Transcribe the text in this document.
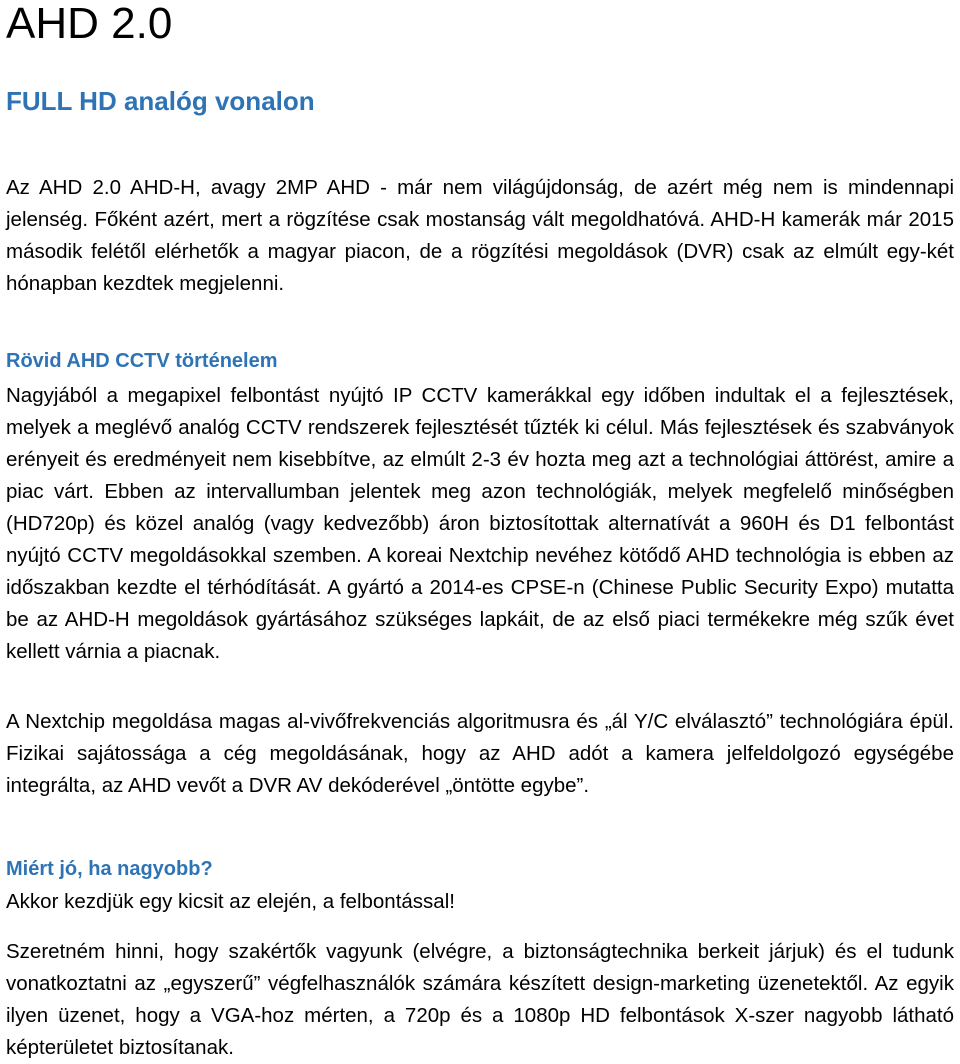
AHD 2.0
FULL HD analóg vonalon

Az AHD 2.0 AHD-H, avagy 2MP AHD - már nem világújdonság, de azért még nem is mindennapi jelenség. Főként azért, mert a rögzítése csak mostanság vált megoldhatóvá. AHD-H kamerák már 2015 második felétől elérhetők a magyar piacon, de a rögzítési megoldások (DVR) csak az elmúlt egy-két hónapban kezdtek megjelenni.

Rövid AHD CCTV történelem

Nagyjából a megapixel felbontást nyújtó IP CCTV kamerákkal egy időben indultak el a fejlesztések, melyek a meglévő analóg CCTV rendszerek fejlesztését tűzték ki célul. Más fejlesztések és szabványok erényeit és eredményeit nem kisebbítve, az elmúlt 2-3 év hozta meg azt a technológiai áttörést, amire a piac várt. Ebben az intervallumban jelentek meg azon technológiák, melyek megfelelő minőségben (HD720p) és közel analóg (vagy kedvezőbb) áron biztosítottak alternatívát a 960H és D1 felbontást nyújtó CCTV megoldásokkal szemben. A koreai Nextchip nevéhez kötődő AHD technológia is ebben az időszakban kezdte el térhódítását. A gyártó a 2014-es CPSE-n (Chinese Public Security Expo) mutatta be az AHD-H megoldások gyártásához szükséges lapkáit, de az első piaci termékekre még szűk évet kellett várnia a piacnak.

A Nextchip megoldása magas al-vivőfrekvenciás algoritmusra és „ál Y/C elválasztó” technológiára épül. Fizikai sajátossága a cég megoldásának, hogy az AHD adót a kamera jelfeldolgozó egységébe integrálta, az AHD vevőt a DVR AV dekóderével „öntötte egybe”.

Miért jó, ha nagyobb?

Akkor kezdjük egy kicsit az elején, a felbontással!

Szeretném hinni, hogy szakértők vagyunk (elvégre, a biztonságtechnika berkeit járjuk) és el tudunk vonatkoztatni az „egyszerű” végfelhasználók számára készített design-marketing üzenetektől. Az egyik ilyen üzenet, hogy a VGA-hoz mérten, a 720p és a 1080p HD felbontások X-szer nagyobb látható képterületet biztosítanak.
